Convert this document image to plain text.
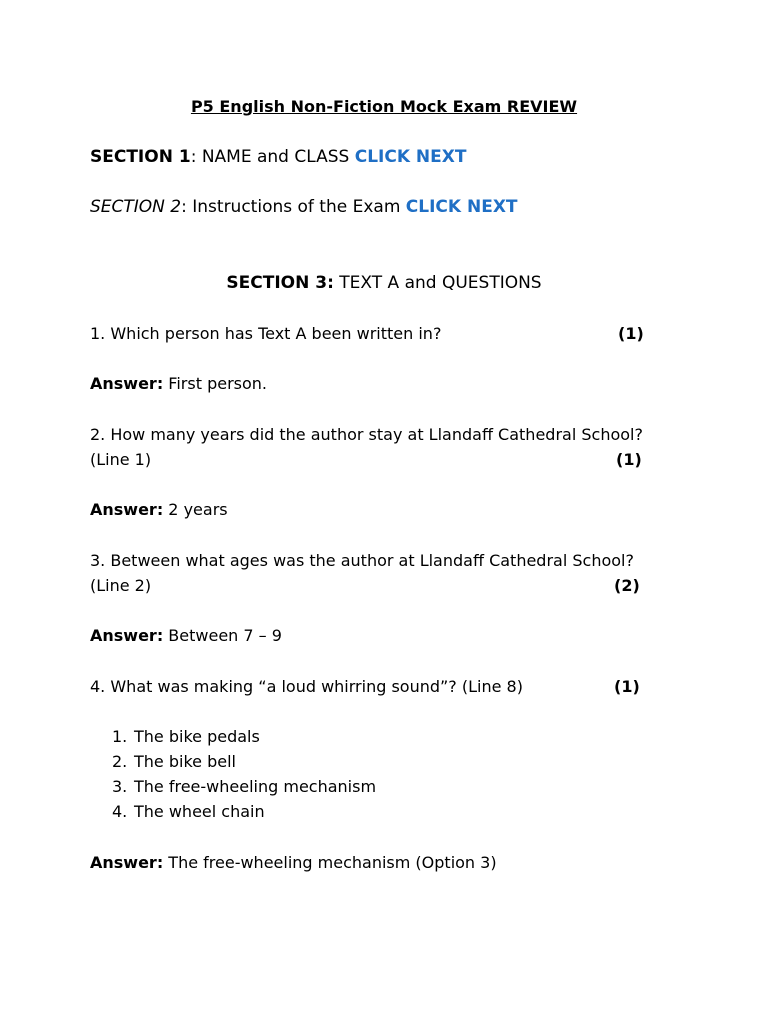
P5 English Non-Fiction Mock Exam REVIEW
SECTION 1: NAME and CLASS CLICK NEXT
SECTION 2: Instructions of the Exam CLICK NEXT
SECTION 3: TEXT A and QUESTIONS
1. Which person has Text A been written in?	(1)
Answer: First person.
2. How many years did the author stay at Llandaff Cathedral School?
(Line 1)	(1)
Answer: 2 years
3. Between what ages was the author at Llandaff Cathedral School?
(Line 2)	(2)
Answer: Between 7 – 9
4. What was making “a loud whirring sound”? (Line 8)	(1)
1. The bike pedals
2. The bike bell
3. The free-wheeling mechanism
4. The wheel chain
Answer: The free-wheeling mechanism (Option 3)
